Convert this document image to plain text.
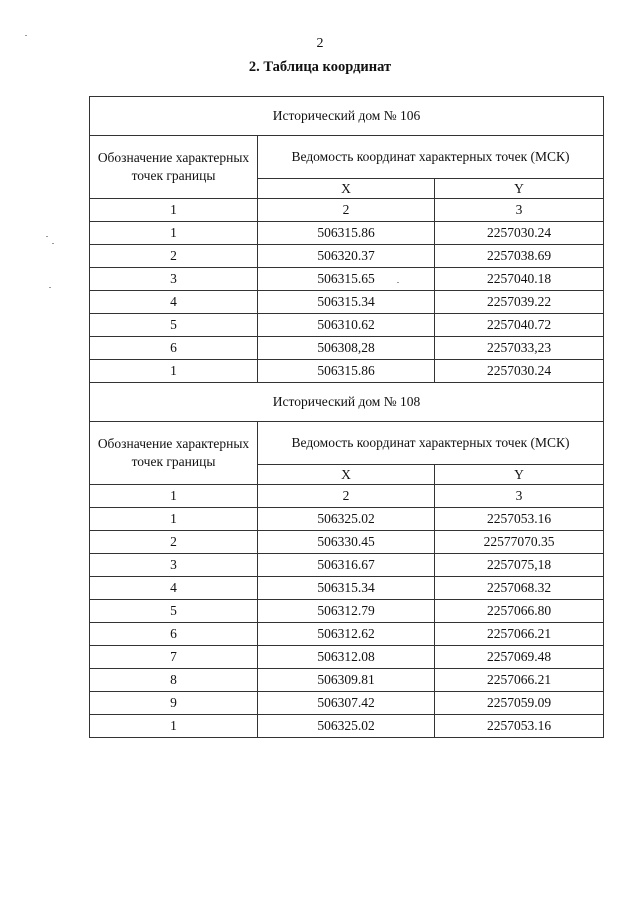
2
2. Таблица координат
Исторический дом № 106		
Обозначение характерных точек границы	Ведомость координат характерных точек (МСК)	
	X	Y
1	2	3
1	506315.86	2257030.24
2	506320.37	2257038.69
3	506315.65	2257040.18
4	506315.34	2257039.22
5	506310.62	2257040.72
6	506308,28	2257033,23
1	506315.86	2257030.24
Исторический дом № 108		
Обозначение характерных точек границы	Ведомость координат характерных точек (МСК)	
	X	Y
1	2	3
1	506325.02	2257053.16
2	506330.45	22577070.35
3	506316.67	2257075,18
4	506315.34	2257068.32
5	506312.79	2257066.80
6	506312.62	2257066.21
7	506312.08	2257069.48
8	506309.81	2257066.21
9	506307.42	2257059.09
1	506325.02	2257053.16
